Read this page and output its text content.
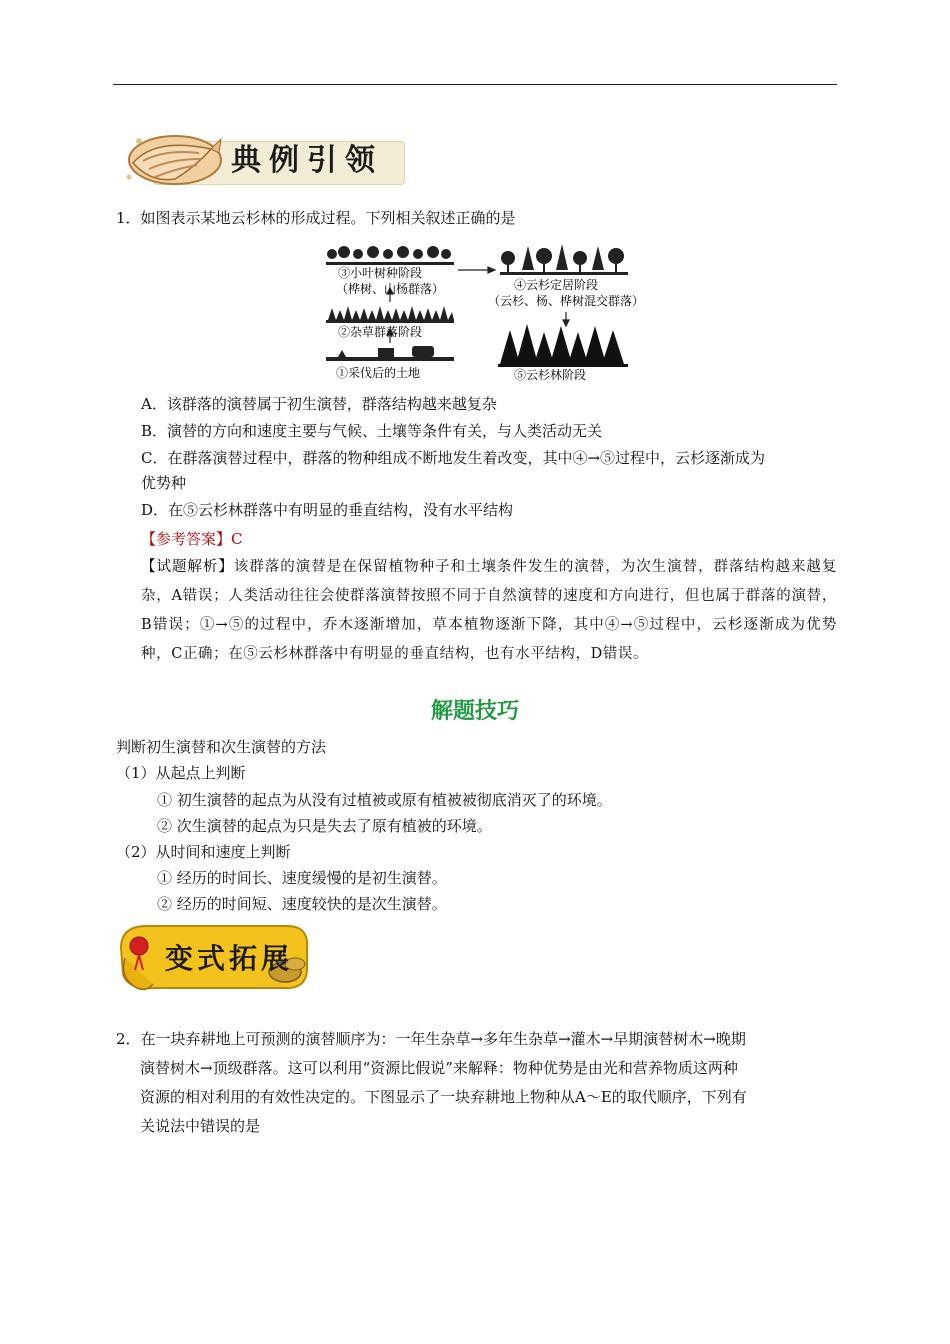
典例引领
1．如图表示某地云杉林的形成过程。下列相关叙述正确的是
③小叶树种阶段
（桦树、山杨群落）
②杂草群落阶段
①采伐后的土地
④云杉定居阶段
（云杉、杨、桦树混交群落）
⑤云杉林阶段
A．该群落的演替属于初生演替，群落结构越来越复杂
B．演替的方向和速度主要与气候、土壤等条件有关，与人类活动无关
C．在群落演替过程中，群落的物种组成不断地发生着改变，其中④→⑤过程中，云杉逐渐成为
优势种
D．在⑤云杉林群落中有明显的垂直结构，没有水平结构
【参考答案】C
【试题解析】该群落的演替是在保留植物种子和土壤条件发生的演替，为次生演替，群落结构越来越复杂，A错误；人类活动往往会使群落演替按照不同于自然演替的速度和方向进行，但也属于群落的演替，B错误；①→⑤的过程中，乔木逐渐增加，草本植物逐渐下降，其中④→⑤过程中，云杉逐渐成为优势种，C正确；在⑤云杉林群落中有明显的垂直结构，也有水平结构，D错误。
解题技巧
判断初生演替和次生演替的方法
（1）从起点上判断
① 初生演替的起点为从没有过植被或原有植被被彻底消灭了的环境。
② 次生演替的起点为只是失去了原有植被的环境。
（2）从时间和速度上判断
① 经历的时间长、速度缓慢的是初生演替。
② 经历的时间短、速度较快的是次生演替。
变式拓展
2．在一块弃耕地上可预测的演替顺序为：一年生杂草→多年生杂草→灌木→早期演替树木→晚期
演替树木→顶级群落。这可以利用“资源比假说”来解释：物种优势是由光和营养物质这两种
资源的相对利用的有效性决定的。下图显示了一块弃耕地上物种从A～E的取代顺序，下列有
关说法中错误的是
